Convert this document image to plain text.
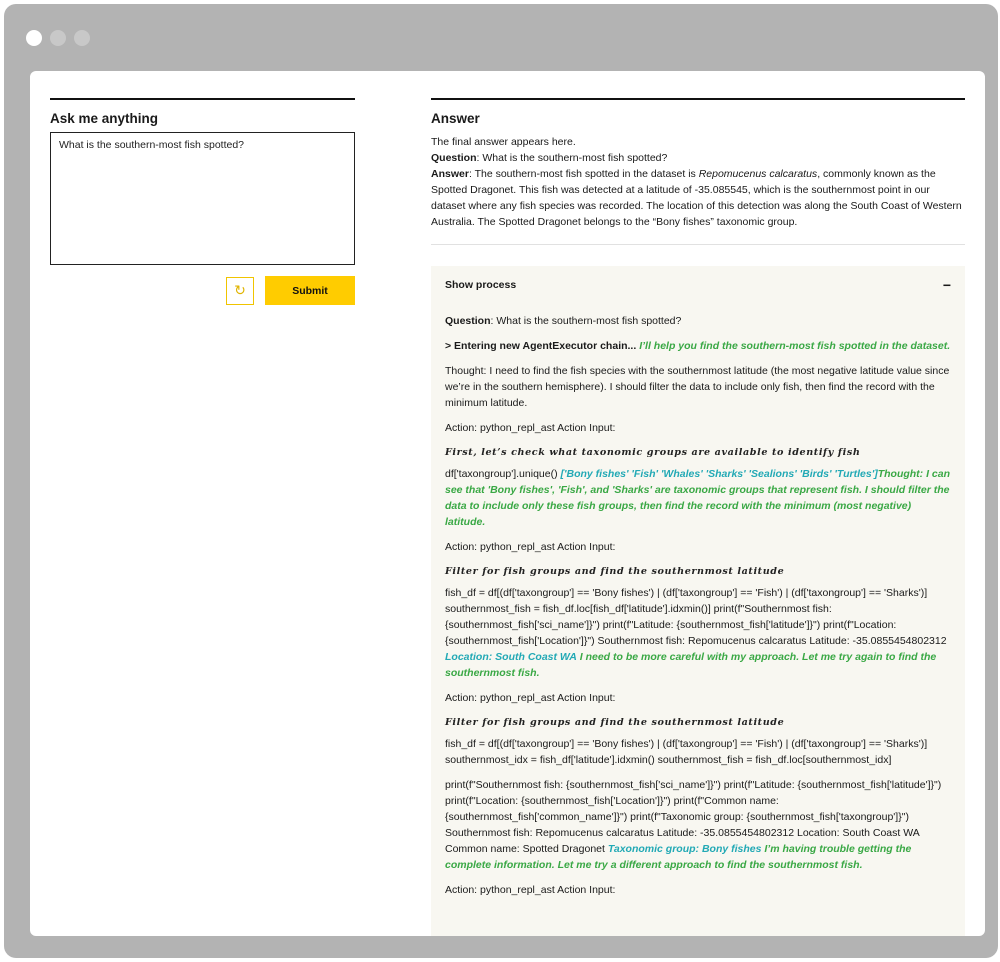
Ask me anything
What is the southern-most fish spotted?
↻	Submit
Answer
The final answer appears here.
Question: What is the southern-most fish spotted?
Answer: The southern-most fish spotted in the dataset is Repomucenus calcaratus, commonly known as the Spotted Dragonet. This fish was detected at a latitude of -35.085545, which is the southernmost point in our dataset where any fish species was recorded. The location of this detection was along the South Coast of Western Australia. The Spotted Dragonet belongs to the “Bony fishes” taxonomic group.
Show process	−
Question: What is the southern-most fish spotted?
> Entering new AgentExecutor chain... I’ll help you find the southern-most fish spotted in the dataset.
Thought: I need to find the fish species with the southernmost latitude (the most negative latitude value since we’re in the southern hemisphere). I should filter the data to include only fish, then find the record with the minimum latitude.
Action: python_repl_ast Action Input:
First, let’s check what taxonomic groups are available to identify fish
df['taxongroup'].unique() ['Bony fishes' 'Fish' 'Whales' 'Sharks' 'Sealions' 'Birds' 'Turtles']Thought: I can see that 'Bony fishes', 'Fish', and 'Sharks' are taxonomic groups that represent fish. I should filter the data to include only these fish groups, then find the record with the minimum (most negative) latitude.
Action: python_repl_ast Action Input:
Filter for fish groups and find the southernmost latitude
fish_df = df[(df['taxongroup'] == 'Bony fishes') | (df['taxongroup'] == 'Fish') | (df['taxongroup'] == 'Sharks')] southernmost_fish = fish_df.loc[fish_df['latitude'].idxmin()] print(f"Southernmost fish: {southernmost_fish['sci_name']}") print(f"Latitude: {southernmost_fish['latitude']}") print(f"Location: {southernmost_fish['Location']}") Southernmost fish: Repomucenus calcaratus Latitude: -35.0855454802312 Location: South Coast WA I need to be more careful with my approach. Let me try again to find the southernmost fish.
Action: python_repl_ast Action Input:
Filter for fish groups and find the southernmost latitude
fish_df = df[(df['taxongroup'] == 'Bony fishes') | (df['taxongroup'] == 'Fish') | (df['taxongroup'] == 'Sharks')] southernmost_idx = fish_df['latitude'].idxmin() southernmost_fish = fish_df.loc[southernmost_idx]
print(f"Southernmost fish: {southernmost_fish['sci_name']}") print(f"Latitude: {southernmost_fish['latitude']}") print(f"Location: {southernmost_fish['Location']}") print(f"Common name: {southernmost_fish['common_name']}") print(f"Taxonomic group: {southernmost_fish['taxongroup']}") Southernmost fish: Repomucenus calcaratus Latitude: -35.0855454802312 Location: South Coast WA Common name: Spotted Dragonet Taxonomic group: Bony fishes I’m having trouble getting the complete information. Let me try a different approach to find the southernmost fish.
Action: python_repl_ast Action Input:
